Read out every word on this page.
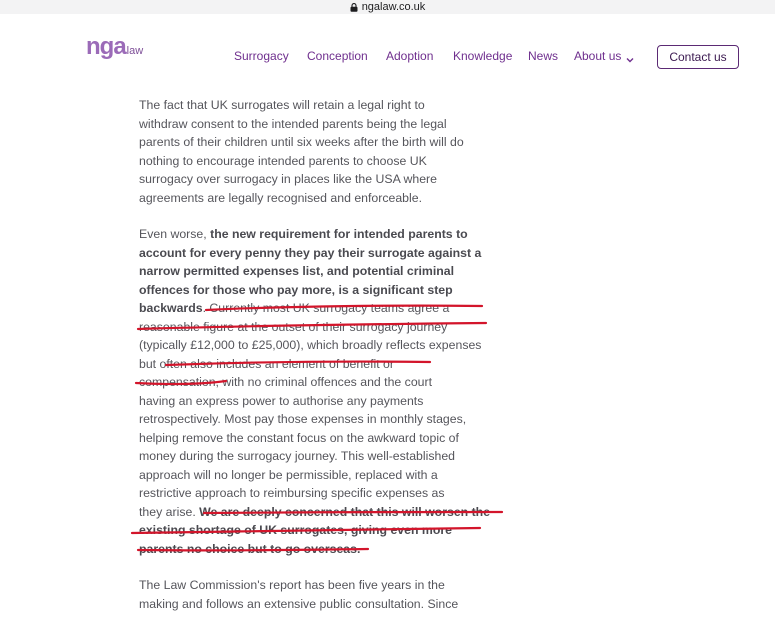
ngalaw.co.uk
nga law	Surrogacy Conception Adoption Knowledge News About us	Contact us

The fact that UK surrogates will retain a legal right to
withdraw consent to the intended parents being the legal
parents of their children until six weeks after the birth will do
nothing to encourage intended parents to choose UK
surrogacy over surrogacy in places like the USA where
agreements are legally recognised and enforceable.

Even worse, the new requirement for intended parents to
account for every penny they pay their surrogate against a
narrow permitted expenses list, and potential criminal
offences for those who pay more, is a significant step
backwards. Currently most UK surrogacy teams agree a
reasonable figure at the outset of their surrogacy journey
(typically £12,000 to £25,000), which broadly reflects expenses
but often also includes an element of benefit or
compensation, with no criminal offences and the court
having an express power to authorise any payments
retrospectively. Most pay those expenses in monthly stages,
helping remove the constant focus on the awkward topic of
money during the surrogacy journey. This well-established
approach will no longer be permissible, replaced with a
restrictive approach to reimbursing specific expenses as
they arise. We are deeply concerned that this will worsen the
existing shortage of UK surrogates, giving even more
parents no choice but to go overseas.

The Law Commission's report has been five years in the
making and follows an extensive public consultation. Since
